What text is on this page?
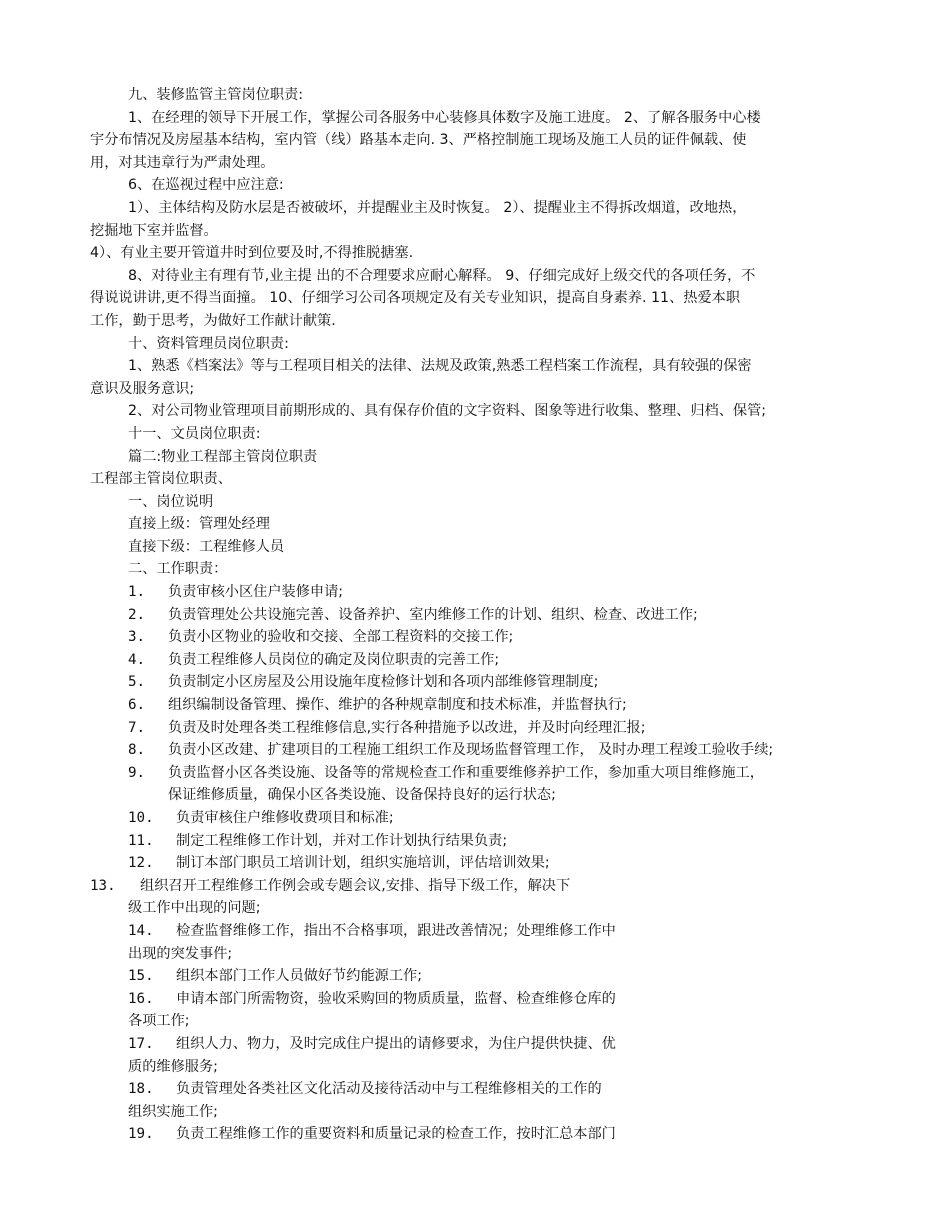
九、装修监管主管岗位职责:
1、在经理的领导下开展工作，掌握公司各服务中心装修具体数字及施工进度。 2、了解各服务中心楼
宇分布情况及房屋基本结构，室内管（线）路基本走向. 3、严格控制施工现场及施工人员的证件佩载、使
用，对其违章行为严肃处理。
6、在巡视过程中应注意:
1）、主体结构及防水层是否被破坏，并提醒业主及时恢复。 2）、提醒业主不得拆改烟道，改地热，
挖掘地下室并监督。
4）、有业主要开管道井时到位要及时,不得推脱搪塞.
8、对待业主有理有节,业主提 出的不合理要求应耐心解释。 9、仔细完成好上级交代的各项任务，不
得说说讲讲,更不得当面撞。 10、仔细学习公司各项规定及有关专业知识，提高自身素养. 11、热爱本职
工作，勤于思考，为做好工作献计献策.
十、资料管理员岗位职责:
1、熟悉《档案法》等与工程项目相关的法律、法规及政策,熟悉工程档案工作流程，具有较强的保密
意识及服务意识;
2、对公司物业管理项目前期形成的、具有保存价值的文字资料、图象等进行收集、整理、归档、保管;
十一、文员岗位职责:
篇二:物业工程部主管岗位职责
工程部主管岗位职责、
一、岗位说明
直接上级：管理处经理
直接下级：工程维修人员
二、工作职责：
1. 负责审核小区住户装修申请;
2. 负责管理处公共设施完善、设备养护、室内维修工作的计划、组织、检查、改进工作;
3. 负责小区物业的验收和交接、全部工程资料的交接工作;
4. 负责工程维修人员岗位的确定及岗位职责的完善工作;
5. 负责制定小区房屋及公用设施年度检修计划和各项内部维修管理制度;
6. 组织编制设备管理、操作、维护的各种规章制度和技术标准，并监督执行;
7. 负责及时处理各类工程维修信息,实行各种措施予以改进，并及时向经理汇报;
8. 负责小区改建、扩建项目的工程施工组织工作及现场监督管理工作， 及时办理工程竣工验收手续;
9. 负责监督小区各类设施、设备等的常规检查工作和重要维修养护工作，参加重大项目维修施工，
保证维修质量，确保小区各类设施、设备保持良好的运行状态;
10. 负责审核住户维修收费项目和标准;
11. 制定工程维修工作计划，并对工作计划执行结果负责;
12. 制订本部门职员工培训计划，组织实施培训，评估培训效果;
13. 组织召开工程维修工作例会或专题会议,安排、指导下级工作，解决下
级工作中出现的问题;
14. 检查监督维修工作，指出不合格事项，跟进改善情况；处理维修工作中
出现的突发事件;
15. 组织本部门工作人员做好节约能源工作;
16. 申请本部门所需物资，验收采购回的物质质量，监督、检查维修仓库的
各项工作;
17. 组织人力、物力，及时完成住户提出的请修要求，为住户提供快捷、优
质的维修服务;
18. 负责管理处各类社区文化活动及接待活动中与工程维修相关的工作的
组织实施工作;
19. 负责工程维修工作的重要资料和质量记录的检查工作，按时汇总本部门
